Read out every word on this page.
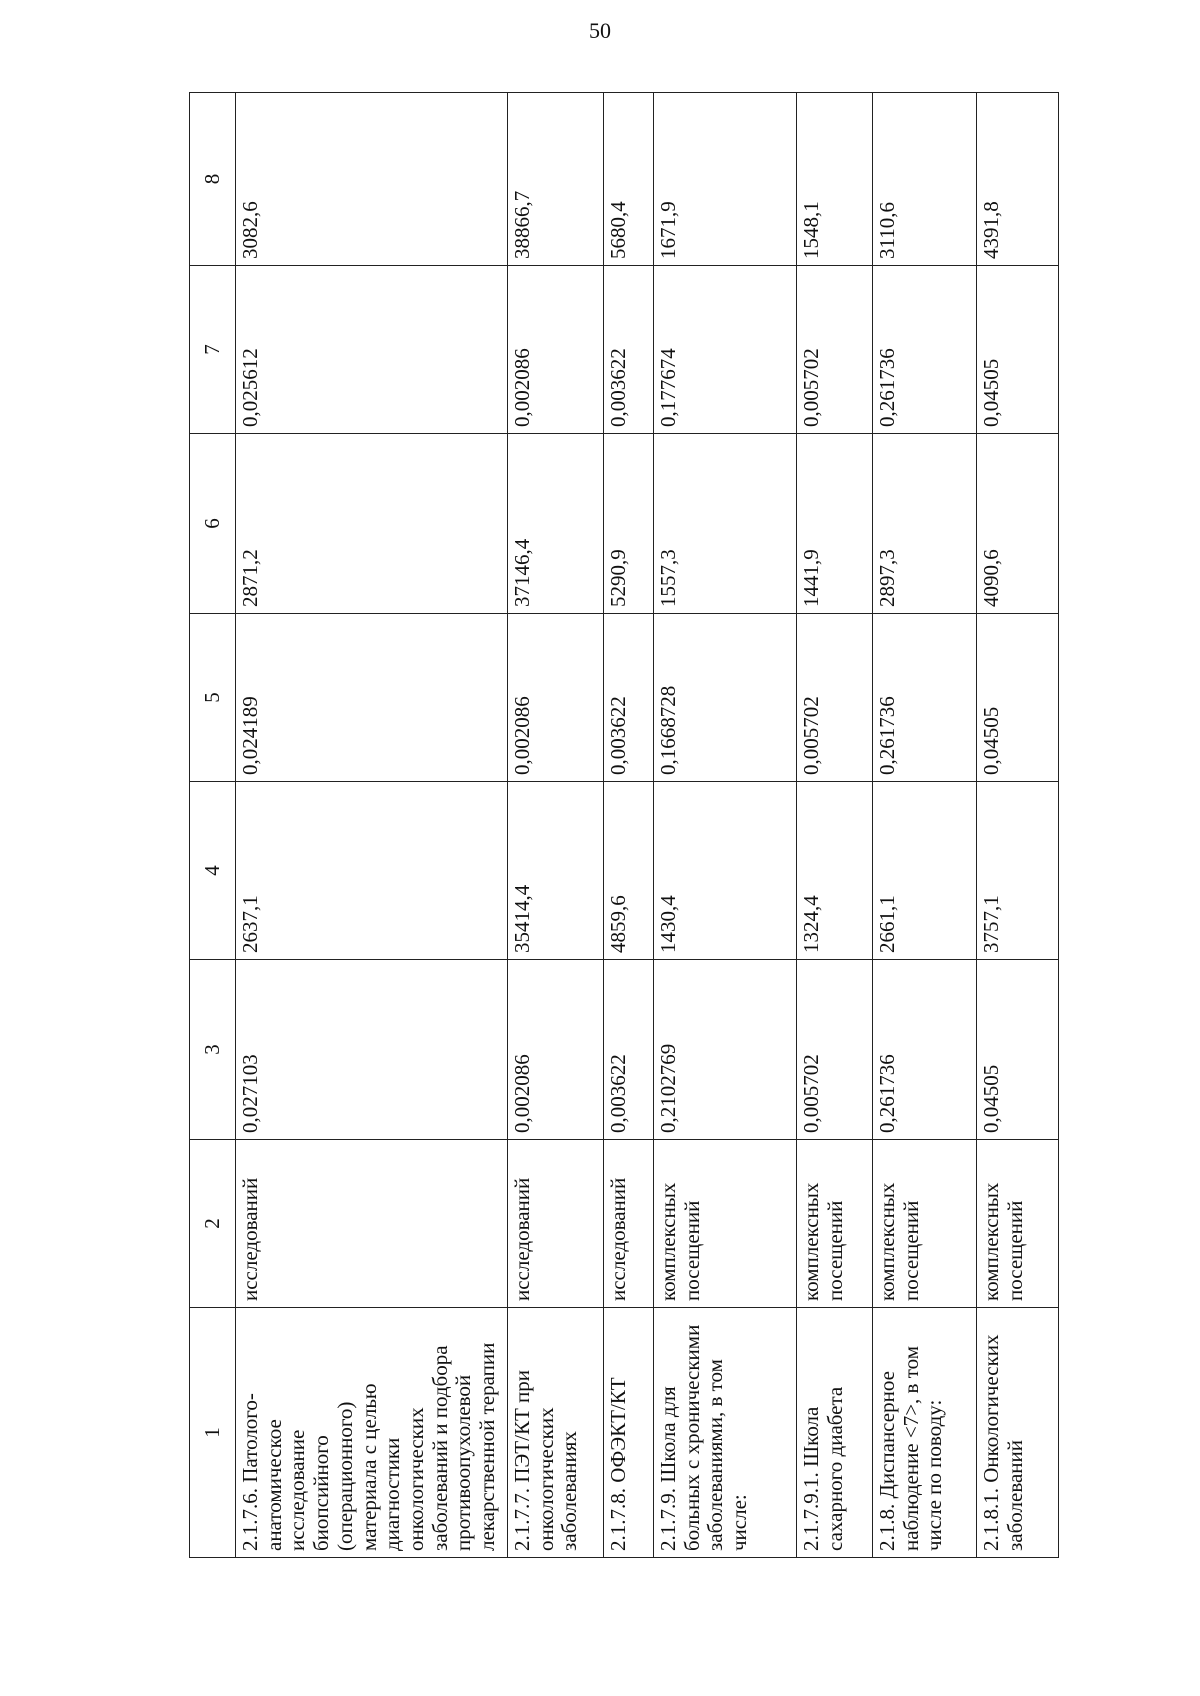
50
1	2	3	4	5	6	7	8
2.1.7.6. Патолого-анатомическое исследование биопсийного (операционного) материала с целью диагностики онкологических заболеваний и подбора противоопухолевой лекарственной терапии	исследований	0,027103	2637,1	0,024189	2871,2	0,025612	3082,6
2.1.7.7. ПЭТ/КТ при онкологических заболеваниях	исследований	0,002086	35414,4	0,002086	37146,4	0,002086	38866,7
2.1.7.8. ОФЭКТ/КТ	исследований	0,003622	4859,6	0,003622	5290,9	0,003622	5680,4
2.1.7.9. Школа для больных с хроническими заболеваниями, в том числе:	комплексных посещений	0,2102769	1430,4	0,1668728	1557,3	0,177674	1671,9
2.1.7.9.1. Школа сахарного диабета	комплексных посещений	0,005702	1324,4	0,005702	1441,9	0,005702	1548,1
2.1.8. Диспансерное наблюдение <7>, в том числе по поводу:	комплексных посещений	0,261736	2661,1	0,261736	2897,3	0,261736	3110,6
2.1.8.1. Онкологических заболеваний	комплексных посещений	0,04505	3757,1	0,04505	4090,6	0,04505	4391,8
